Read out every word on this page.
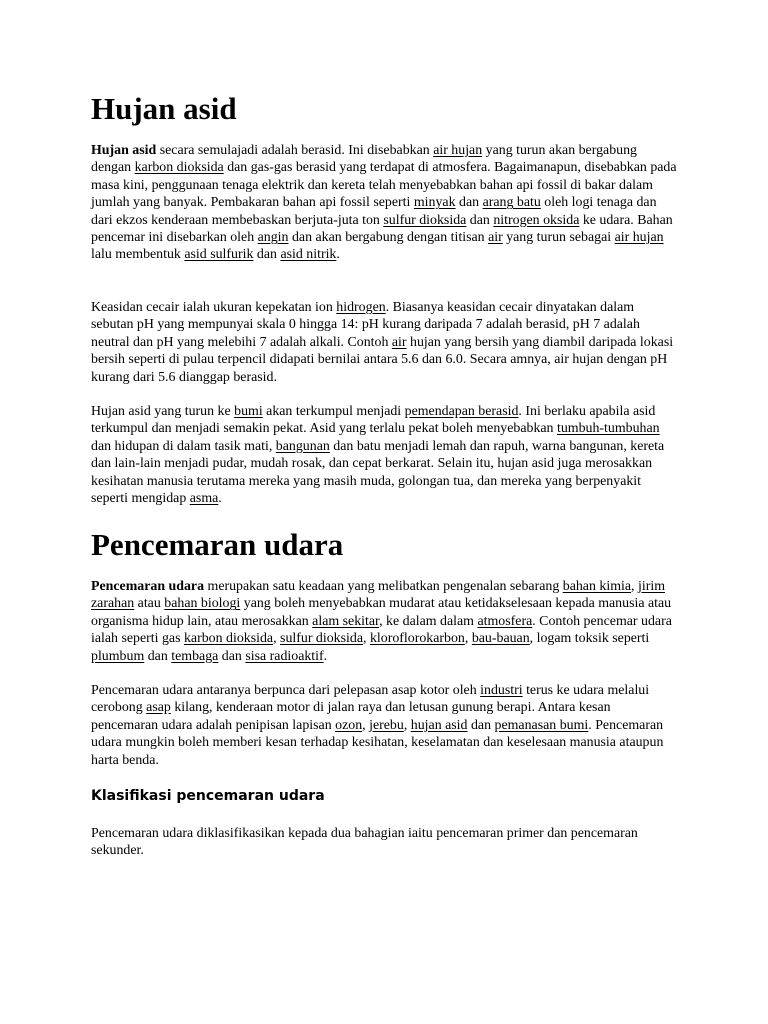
Hujan asid

Hujan asid secara semulajadi adalah berasid. Ini disebabkan air hujan yang turun akan bergabung dengan karbon dioksida dan gas-gas berasid yang terdapat di atmosfera. Bagaimanapun, disebabkan pada masa kini, penggunaan tenaga elektrik dan kereta telah menyebabkan bahan api fossil di bakar dalam jumlah yang banyak. Pembakaran bahan api fossil seperti minyak dan arang batu oleh logi tenaga dan dari ekzos kenderaan membebaskan berjuta-juta ton sulfur dioksida dan nitrogen oksida ke udara. Bahan pencemar ini disebarkan oleh angin dan akan bergabung dengan titisan air yang turun sebagai air hujan lalu membentuk asid sulfurik dan asid nitrik.

Keasidan cecair ialah ukuran kepekatan ion hidrogen. Biasanya keasidan cecair dinyatakan dalam sebutan pH yang mempunyai skala 0 hingga 14: pH kurang daripada 7 adalah berasid, pH 7 adalah neutral dan pH yang melebihi 7 adalah alkali. Contoh air hujan yang bersih yang diambil daripada lokasi bersih seperti di pulau terpencil didapati bernilai antara 5.6 dan 6.0. Secara amnya, air hujan dengan pH kurang dari 5.6 dianggap berasid.

Hujan asid yang turun ke bumi akan terkumpul menjadi pemendapan berasid. Ini berlaku apabila asid terkumpul dan menjadi semakin pekat. Asid yang terlalu pekat boleh menyebabkan tumbuh-tumbuhan dan hidupan di dalam tasik mati, bangunan dan batu menjadi lemah dan rapuh, warna bangunan, kereta dan lain-lain menjadi pudar, mudah rosak, dan cepat berkarat. Selain itu, hujan asid juga merosakkan kesihatan manusia terutama mereka yang masih muda, golongan tua, dan mereka yang berpenyakit seperti mengidap asma.

Pencemaran udara

Pencemaran udara merupakan satu keadaan yang melibatkan pengenalan sebarang bahan kimia, jirim zarahan atau bahan biologi yang boleh menyebabkan mudarat atau ketidakselesaan kepada manusia atau organisma hidup lain, atau merosakkan alam sekitar, ke dalam dalam atmosfera. Contoh pencemar udara ialah seperti gas karbon dioksida, sulfur dioksida, kloroflorokarbon, bau-bauan, logam toksik seperti plumbum dan tembaga dan sisa radioaktif.

Pencemaran udara antaranya berpunca dari pelepasan asap kotor oleh industri terus ke udara melalui cerobong asap kilang, kenderaan motor di jalan raya dan letusan gunung berapi. Antara kesan pencemaran udara adalah penipisan lapisan ozon, jerebu, hujan asid dan pemanasan bumi. Pencemaran udara mungkin boleh memberi kesan terhadap kesihatan, keselamatan dan keselesaan manusia ataupun harta benda.

Klasifikasi pencemaran udara

Pencemaran udara diklasifikasikan kepada dua bahagian iaitu pencemaran primer dan pencemaran sekunder.
